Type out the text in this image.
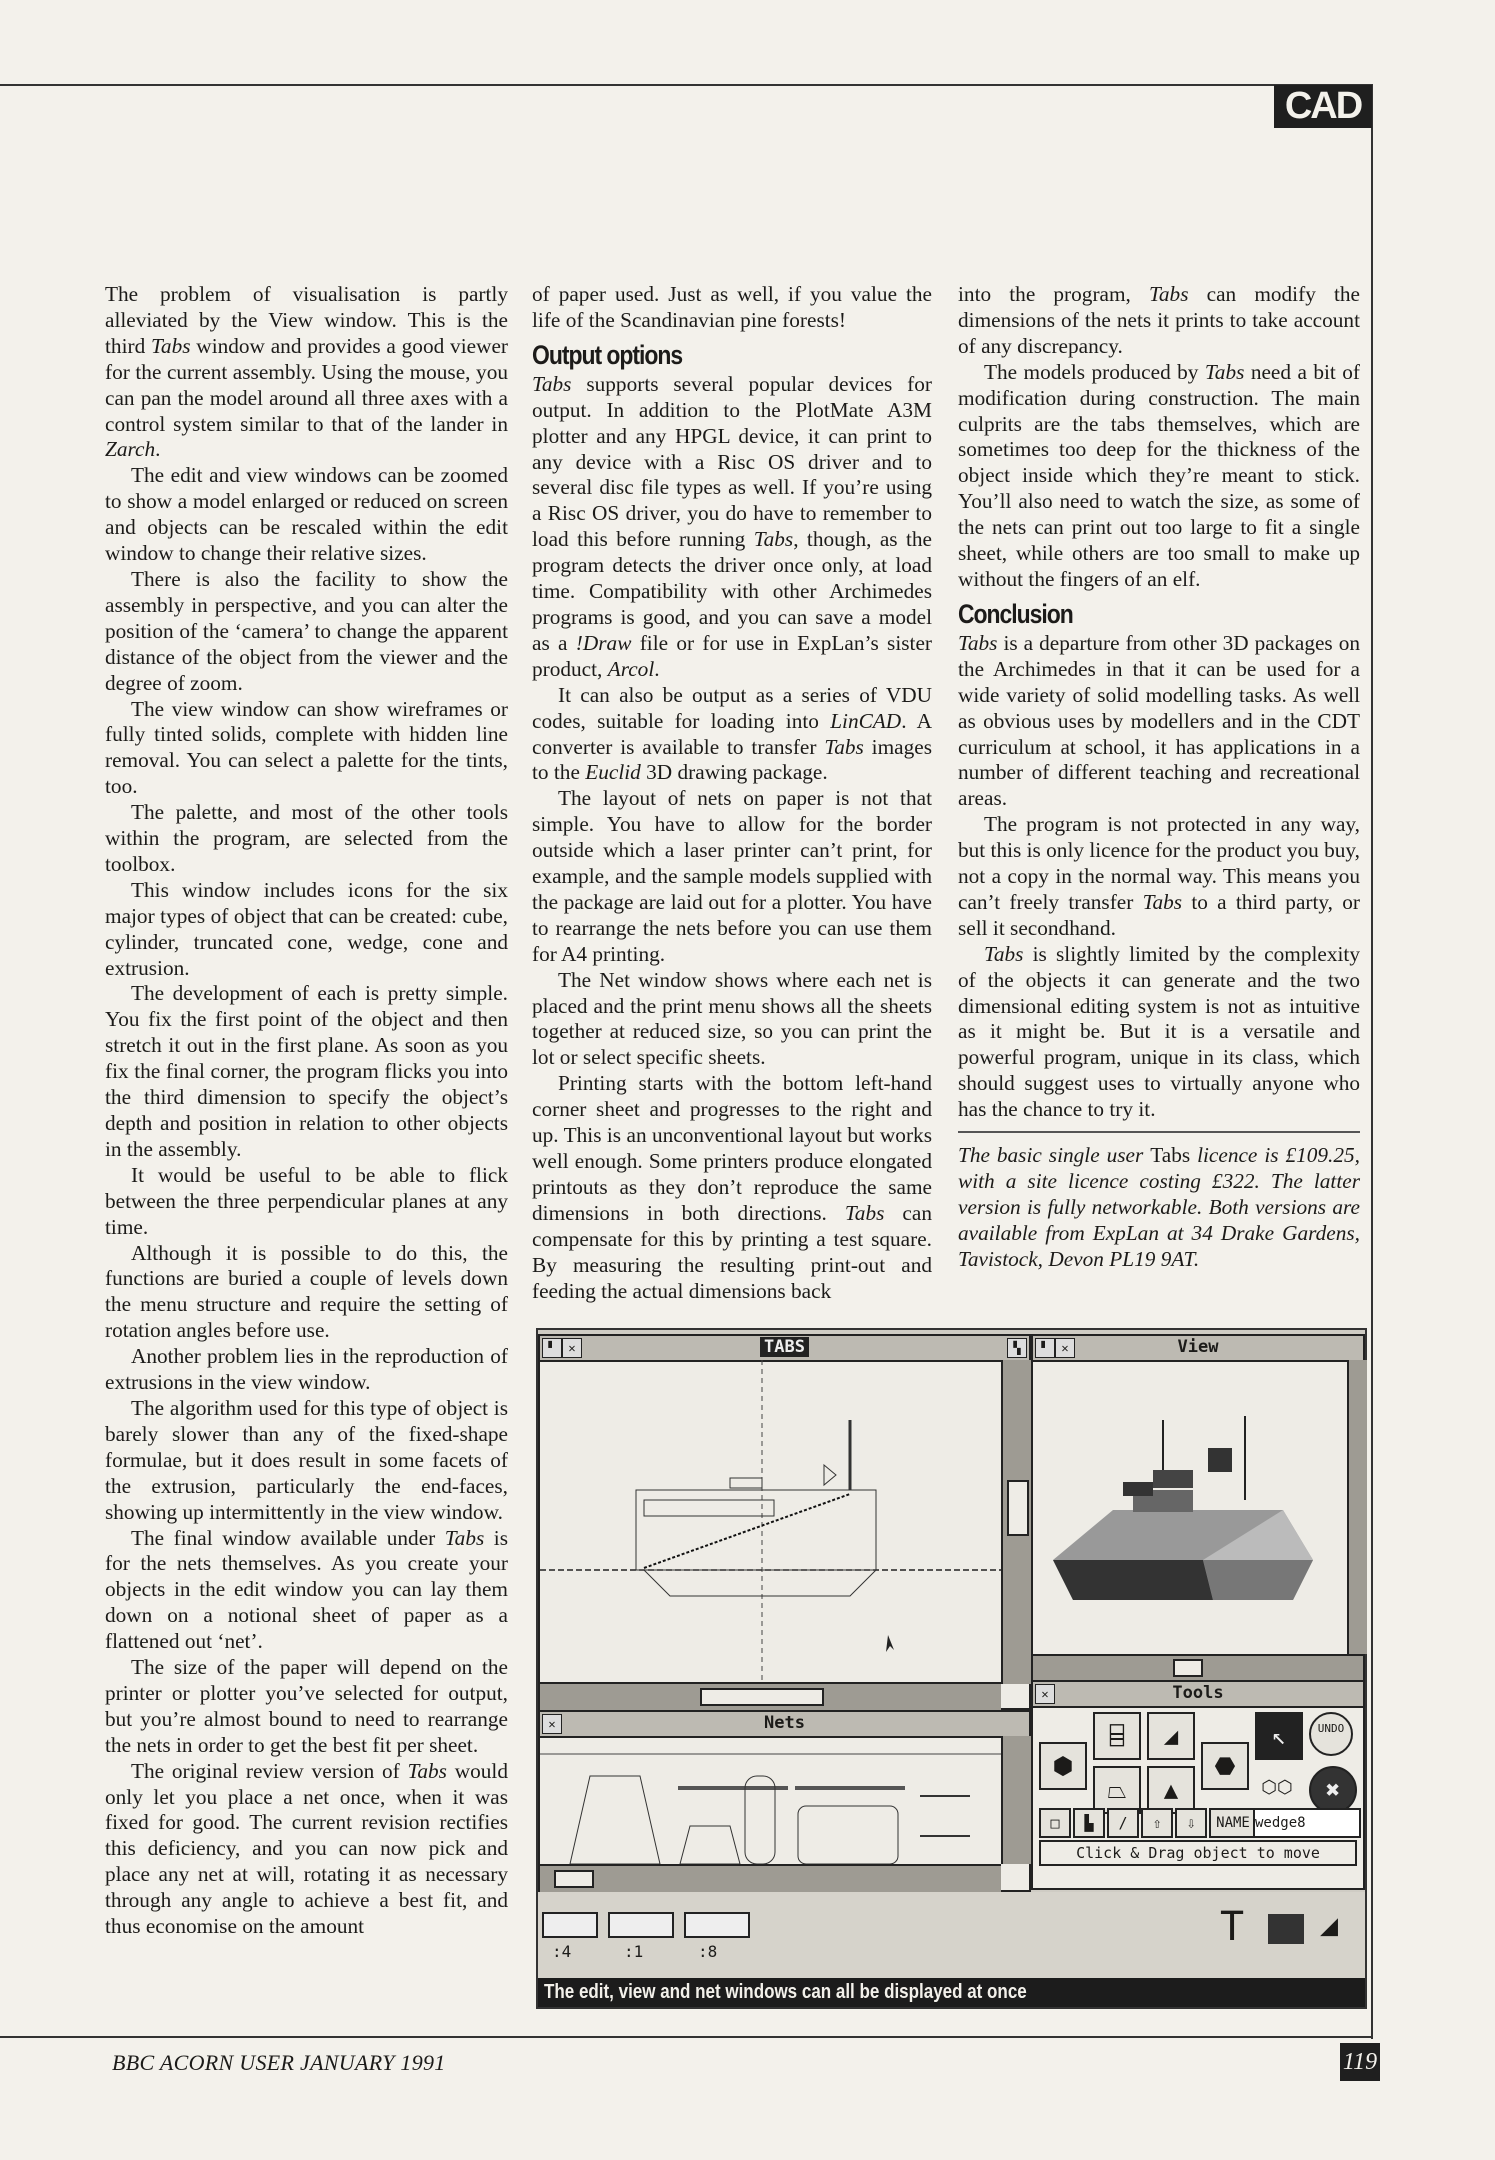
CAD

The problem of visualisation is partly alleviated by the View window. This is the third Tabs window and provides a good viewer for the current assembly. Using the mouse, you can pan the model around all three axes with a control system similar to that of the lander in Zarch.

The edit and view windows can be zoomed to show a model enlarged or reduced on screen and objects can be rescaled within the edit window to change their relative sizes.

There is also the facility to show the assembly in perspective, and you can alter the position of the ‘camera’ to change the apparent distance of the object from the viewer and the degree of zoom.

The view window can show wireframes or fully tinted solids, complete with hidden line removal. You can select a palette for the tints, too.

The palette, and most of the other tools within the program, are selected from the toolbox.

This window includes icons for the six major types of object that can be created: cube, cylinder, truncated cone, wedge, cone and extrusion.

The development of each is pretty simple. You fix the first point of the object and then stretch it out in the first plane. As soon as you fix the final corner, the program flicks you into the third dimension to specify the object’s depth and position in relation to other objects in the assembly.

It would be useful to be able to flick between the three perpendicular planes at any time.

Although it is possible to do this, the functions are buried a couple of levels down the menu structure and require the setting of rotation angles before use.

Another problem lies in the reproduction of extrusions in the view window.

The algorithm used for this type of object is barely slower than any of the fixed-shape formulae, but it does result in some facets of the extrusion, particularly the end-faces, showing up intermittently in the view window.

The final window available under Tabs is for the nets themselves. As you create your objects in the edit window you can lay them down on a notional sheet of paper as a flattened out ‘net’.

The size of the paper will depend on the printer or plotter you’ve selected for output, but you’re almost bound to need to rearrange the nets in order to get the best fit per sheet.

The original review version of Tabs would only let you place a net once, when it was fixed for good. The current revision rectifies this deficiency, and you can now pick and place any net at will, rotating it as necessary through any angle to achieve a best fit, and thus economise on the amount

of paper used. Just as well, if you value the life of the Scandinavian pine forests!

Output options

Tabs supports several popular devices for output. In addition to the PlotMate A3M plotter and any HPGL device, it can print to any device with a Risc OS driver and to several disc file types as well. If you’re using a Risc OS driver, you do have to remember to load this before running Tabs, though, as the program detects the driver once only, at load time. Compatibility with other Archimedes programs is good, and you can save a model as a !Draw file or for use in ExpLan’s sister product, Arcol.

It can also be output as a series of VDU codes, suitable for loading into LinCAD. A converter is available to transfer Tabs images to the Euclid 3D drawing package.

The layout of nets on paper is not that simple. You have to allow for the border outside which a laser printer can’t print, for example, and the sample models supplied with the package are laid out for a plotter. You have to rearrange the nets before you can use them for A4 printing.

The Net window shows where each net is placed and the print menu shows all the sheets together at reduced size, so you can print the lot or select specific sheets.

Printing starts with the bottom left-hand corner sheet and progresses to the right and up. This is an unconventional layout but works well enough. Some printers produce elongated printouts as they don’t reproduce the same dimensions in both directions. Tabs can compensate for this by printing a test square. By measuring the resulting print-out and feeding the actual dimensions back

into the program, Tabs can modify the dimensions of the nets it prints to take account of any discrepancy.

The models produced by Tabs need a bit of modification during construction. The main culprits are the tabs themselves, which are sometimes too deep for the thickness of the object inside which they’re meant to stick. You’ll also need to watch the size, as some of the nets can print out too large to fit a single sheet, while others are too small to make up without the fingers of an elf.

Conclusion

Tabs is a departure from other 3D packages on the Archimedes in that it can be used for a wide variety of solid modelling tasks. As well as obvious uses by modellers and in the CDT curriculum at school, it has applications in a number of different teaching and recreational areas.

The program is not protected in any way, but this is only licence for the product you buy, not a copy in the normal way. This means you can’t freely transfer Tabs to a third party, or sell it secondhand.

Tabs is slightly limited by the complexity of the objects it can generate and the two dimensional editing system is not as intuitive as it might be. But it is a versatile and powerful program, unique in its class, which should suggest uses to virtually anyone who has the chance to try it.

The basic single user Tabs licence is £109.25, with a site licence costing £322. The latter version is fully networkable. Both versions are available from ExpLan at 34 Drake Gardens, Tavistock, Devon PL19 9AT.

▘	✕	TABS	▚	▘	✕	View
✕	Tools
⬢
⌸
⏢
◢
▲
⬣
↖
⬡⬡
UNDO
✖
□	▙	/	⇧	⇩	NAME wedge8
Click & Drag object to move
✕	Nets
:4	:1	:8
T	◢
The edit, view and net windows can all be displayed at once
BBC ACORN USER JANUARY 1991	119
